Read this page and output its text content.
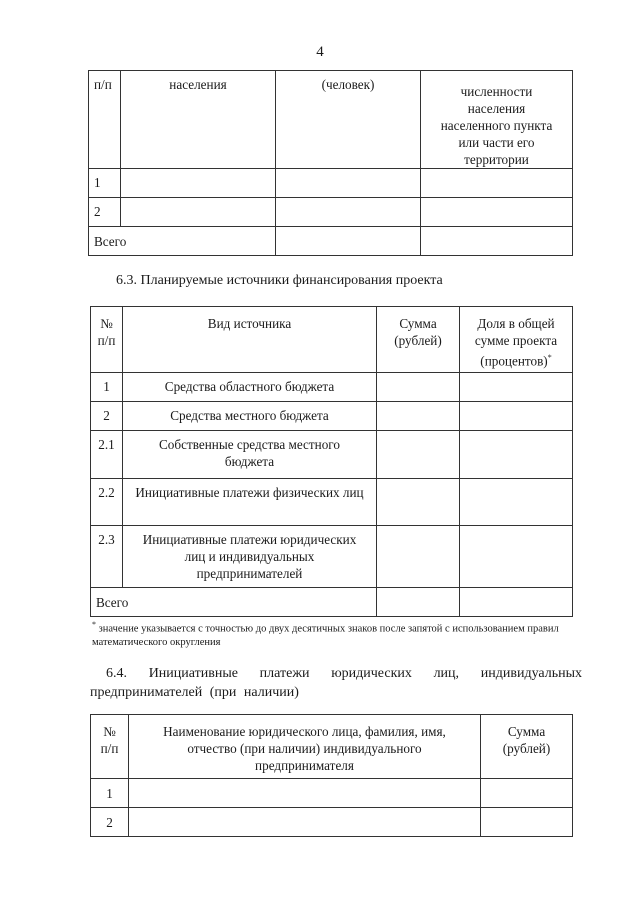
4
п/п	населения	(человек)	численности населения населенного пункта или части его территории
1			
2			
Всего			
6.3. Планируемые источники финансирования проекта
№ п/п	Вид источника	Сумма (рублей)	Доля в общей сумме проекта (процентов)*
1	Средства областного бюджета		
2	Средства местного бюджета		
2.1	Собственные средства местного бюджета		
2.2	Инициативные платежи физических лиц		
2.3	Инициативные платежи юридических лиц и индивидуальных предпринимателей		
Всего			
* значение указывается с точностью до двух десятичных знаков после запятой с использованием правил математического округления
6.4. Инициативные платежи юридических лиц, индивидуальных предпринимателей (при наличии)
№ п/п	Наименование юридического лица, фамилия, имя, отчество (при наличии) индивидуального предпринимателя	Сумма (рублей)
1		
2		
